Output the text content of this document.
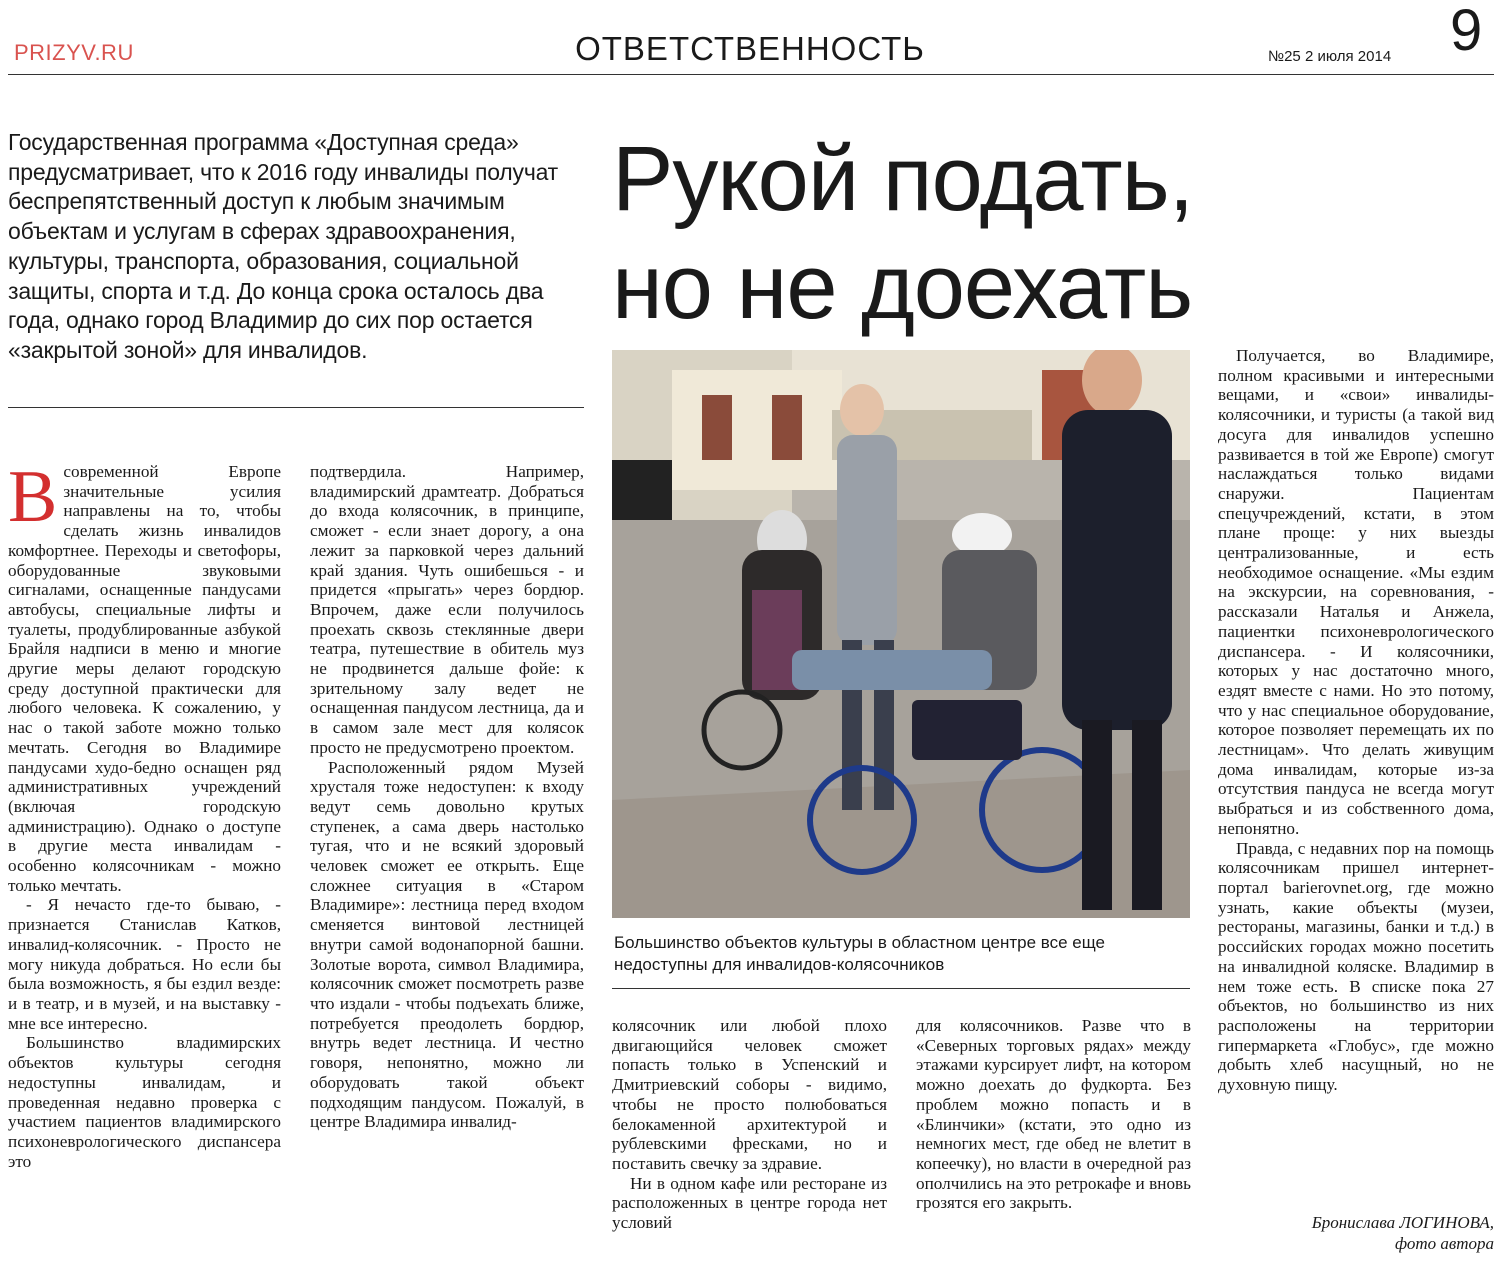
PRIZYV.RU	ОТВЕТСТВЕННОСТЬ	№25 2 июля 2014 9
Государственная программа «Доступная среда» предусматривает, что к 2016 году инвалиды получат беспрепятственный доступ к любым значимым объектам и услугам в сферах здравоохранения, культуры, транспорта, образования, социальной защиты, спорта и т.д. До конца срока осталось два года, однако город Владимир до сих пор остается «закрытой зоной» для инвалидов.
Рукой подать,
но не доехать
Большинство объектов культуры в областном центре все еще недоступны для инвалидов-колясочников

Всовременной Европе значительные усилия направлены на то, чтобы сделать жизнь инвалидов комфортнее. Переходы и светофоры, оборудованные звуковыми сигналами, оснащенные пандусами автобусы, специальные лифты и туалеты, продублированные азбукой Брайля надписи в меню и многие другие меры делают городскую среду доступной практически для любого человека. К сожалению, у нас о такой заботе можно только мечтать. Сегодня во Владимире пандусами худо-бедно оснащен ряд административных учреждений (включая городскую администрацию). Однако о доступе в другие места инвалидам - особенно колясочникам - можно только мечтать.

- Я нечасто где-то бываю, - признается Станислав Катков, инвалид-колясочник. - Просто не могу никуда добраться. Но если бы была возможность, я бы ездил везде: и в театр, и в музей, и на выставку - мне все интересно.

Большинство владимирских объектов культуры сегодня недоступны инвалидам, и проведенная недавно проверка с участием пациентов владимирского психоневрологического диспансера это

подтвердила. Например, владимирский драмтеатр. Добраться до входа колясочник, в принципе, сможет - если знает дорогу, а она лежит за парковкой через дальний край здания. Чуть ошибешься - и придется «прыгать» через бордюр. Впрочем, даже если получилось проехать сквозь стеклянные двери театра, путешествие в обитель муз не продвинется дальше фойе: к зрительному залу ведет не оснащенная пандусом лестница, да и в самом зале мест для колясок просто не предусмотрено проектом.

Расположенный рядом Музей хрусталя тоже недоступен: к входу ведут семь довольно крутых ступенек, а сама дверь настолько тугая, что и не всякий здоровый человек сможет ее открыть. Еще сложнее ситуация в «Старом Владимире»: лестница перед входом сменяется винтовой лестницей внутри самой водонапорной башни. Золотые ворота, символ Владимира, колясочник сможет посмотреть разве что издали - чтобы подъехать ближе, потребуется преодолеть бордюр, внутрь ведет лестница. И честно говоря, непонятно, можно ли оборудовать такой объект подходящим пандусом. Пожалуй, в центре Владимира инвалид-

колясочник или любой плохо двигающийся человек сможет попасть только в Успенский и Дмитриевский соборы - видимо, чтобы не просто полюбоваться белокаменной архитектурой и рублевскими фресками, но и поставить свечку за здравие.

Ни в одном кафе или ресторане из расположенных в центре города нет условий

для колясочников. Разве что в «Северных торговых рядах» между этажами курсирует лифт, на котором можно доехать до фудкорта. Без проблем можно попасть и в «Блинчики» (кстати, это одно из немногих мест, где обед не влетит в копеечку), но власти в очередной раз ополчились на это ретрокафе и вновь грозятся его закрыть.

Получается, во Владимире, полном красивыми и интересными вещами, и «свои» инвалиды-колясочники, и туристы (а такой вид досуга для инвалидов успешно развивается в той же Европе) смогут наслаждаться только видами снаружи. Пациентам спецучреждений, кстати, в этом плане проще: у них выезды централизованные, и есть необходимое оснащение. «Мы ездим на экскурсии, на соревнования, - рассказали Наталья и Анжела, пациентки психоневрологического диспансера. - И колясочники, которых у нас достаточно много, ездят вместе с нами. Но это потому, что у нас специальное оборудование, которое позволяет перемещать их по лестницам». Что делать живущим дома инвалидам, которые из-за отсутствия пандуса не всегда могут выбраться и из собственного дома, непонятно.

Правда, с недавних пор на помощь колясочникам пришел интернет-портал barierovnet.org, где можно узнать, какие объекты (музеи, рестораны, магазины, банки и т.д.) в российских городах можно посетить на инвалидной коляске. Владимир в нем тоже есть. В списке пока 27 объектов, но большинство из них расположены на территории гипермаркета «Глобус», где можно добыть хлеб насущный, но не духовную пищу.

Бронислава ЛОГИНОВА,
фото автора
